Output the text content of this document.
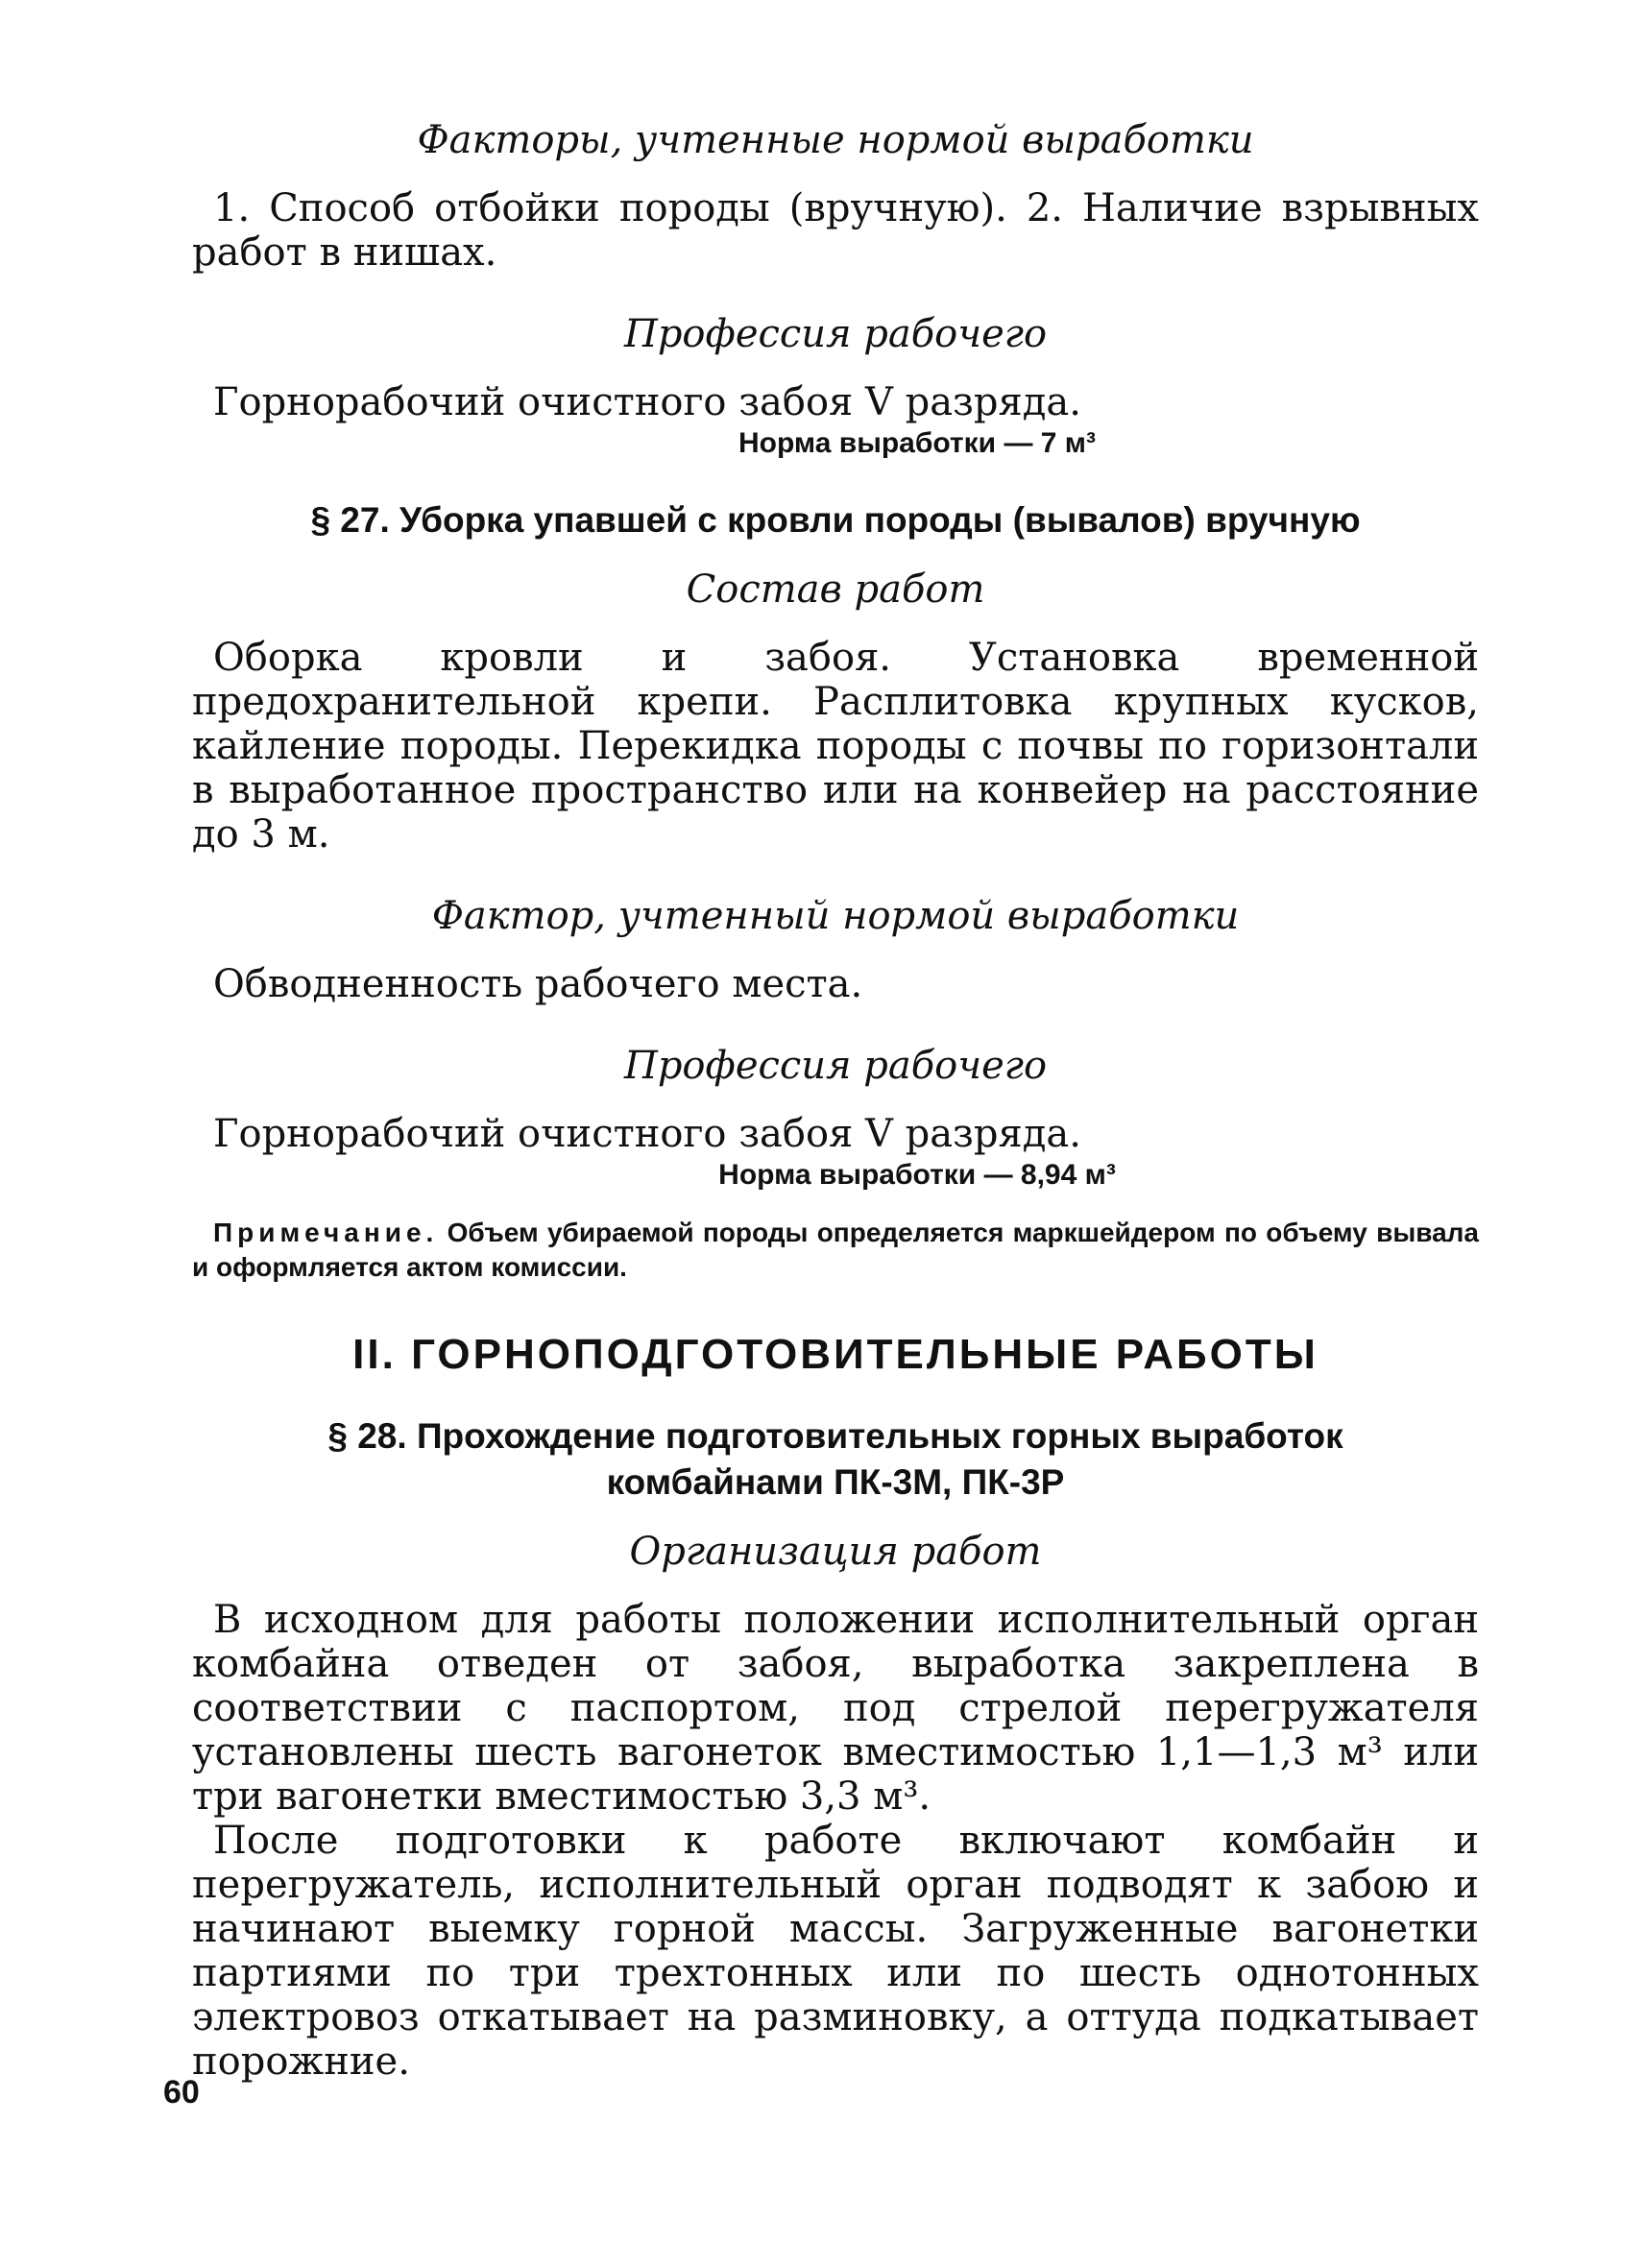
Факторы, учтенные нормой выработки

1. Способ отбойки породы (вручную). 2. Наличие взрывных работ в нишах.

Профессия рабочего

Горнорабочий очистного забоя V разряда.

Норма выработки — 7 м³

§ 27. Уборка упавшей с кровли породы (вывалов) вручную

Состав работ

Оборка кровли и забоя. Установка временной предохранительной крепи. Расплитовка крупных кусков, кайление породы. Перекидка породы с почвы по горизонтали в выработанное пространство или на конвейер на расстояние до 3 м.

Фактор, учтенный нормой выработки

Обводненность рабочего места.

Профессия рабочего

Горнорабочий очистного забоя V разряда.

Норма выработки — 8,94 м³

Примечание. Объем убираемой породы определяется маркшейдером по объему вывала и оформляется актом комиссии.

II. ГОРНОПОДГОТОВИТЕЛЬНЫЕ РАБОТЫ

§ 28. Прохождение подготовительных горных выработок

комбайнами ПК-3М, ПК-3Р

Организация работ

В исходном для работы положении исполнительный орган комбайна отведен от забоя, выработка закреплена в соответствии с паспортом, под стрелой перегружателя установлены шесть вагонеток вместимостью 1,1—1,3 м³ или три вагонетки вместимостью 3,3 м³.

После подготовки к работе включают комбайн и перегружатель, исполнительный орган подводят к забою и начинают выемку горной массы. Загруженные вагонетки партиями по три трехтонных или по шесть однотонных электровоз откатывает на разминовку, а оттуда подкатывает порожние.

60
